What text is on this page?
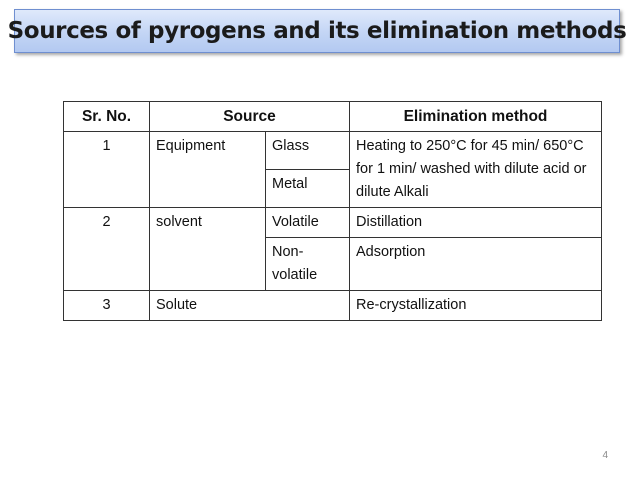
Sources of pyrogens and its elimination methods
Sr. No.	Source		Elimination method
1	Equipment	Glass	Heating to 250°C for 45 min/ 650°C for 1 min/ washed with dilute acid or dilute Alkali
		Metal	
2	solvent	Volatile	Distillation
		Non-volatile	Adsorption
3	Solute		Re-crystallization
4
